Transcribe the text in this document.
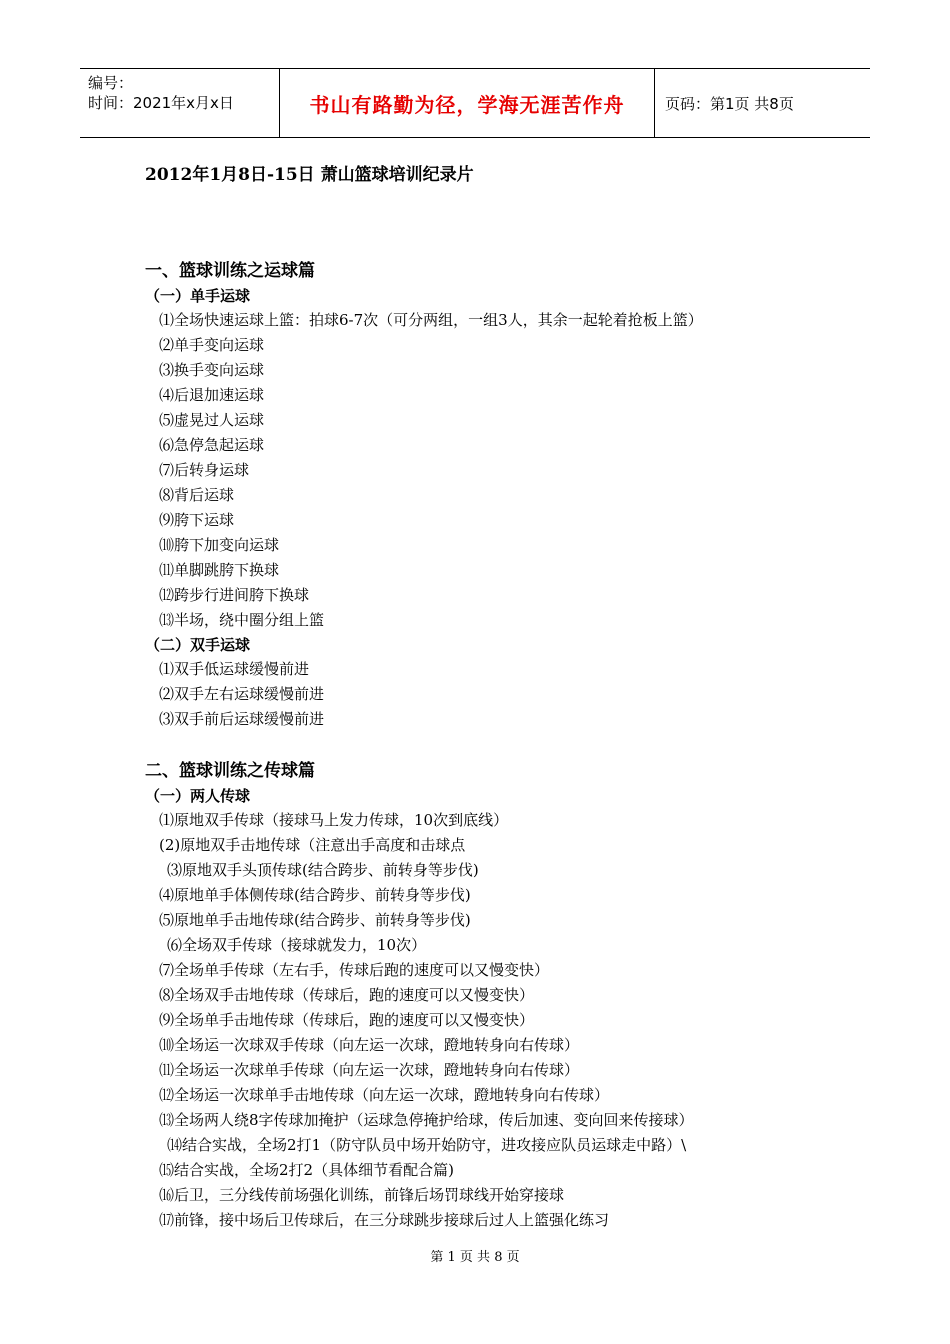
编号：
时间：2021年x月x日	书山有路勤为径，学海无涯苦作舟	页码：第1页 共8页
2012年1月8日-15日 萧山篮球培训纪录片
一、篮球训练之运球篇
（一）单手运球
⑴全场快速运球上篮：拍球6-7次（可分两组，一组3人，其余一起轮着抢板上篮）
⑵单手变向运球
⑶换手变向运球
⑷后退加速运球
⑸虚晃过人运球
⑹急停急起运球
⑺后转身运球
⑻背后运球
⑼胯下运球
⑽胯下加变向运球
⑾单脚跳胯下换球
⑿跨步行进间胯下换球
⒀半场，绕中圈分组上篮
（二）双手运球
⑴双手低运球缓慢前进
⑵双手左右运球缓慢前进
⑶双手前后运球缓慢前进
二、篮球训练之传球篇
（一）两人传球
⑴原地双手传球（接球马上发力传球，10次到底线）
(2)原地双手击地传球（注意出手高度和击球点
⑶原地双手头顶传球(结合跨步、前转身等步伐)
⑷原地单手体侧传球(结合跨步、前转身等步伐)
⑸原地单手击地传球(结合跨步、前转身等步伐)
⑹全场双手传球（接球就发力，10次）
⑺全场单手传球（左右手，传球后跑的速度可以又慢变快）
⑻全场双手击地传球（传球后，跑的速度可以又慢变快）
⑼全场单手击地传球（传球后，跑的速度可以又慢变快）
⑽全场运一次球双手传球（向左运一次球，蹬地转身向右传球）
⑾全场运一次球单手传球（向左运一次球，蹬地转身向右传球）
⑿全场运一次球单手击地传球（向左运一次球，蹬地转身向右传球）
⒀全场两人绕8字传球加掩护（运球急停掩护给球，传后加速、变向回来传接球）
⒁结合实战，全场2打1（防守队员中场开始防守，进攻接应队员运球走中路）\
⒂结合实战，全场2打2（具体细节看配合篇)
⒃后卫，三分线传前场强化训练，前锋后场罚球线开始穿接球
⒄前锋，接中场后卫传球后，在三分球跳步接球后过人上篮强化练习
第 1 页 共 8 页
